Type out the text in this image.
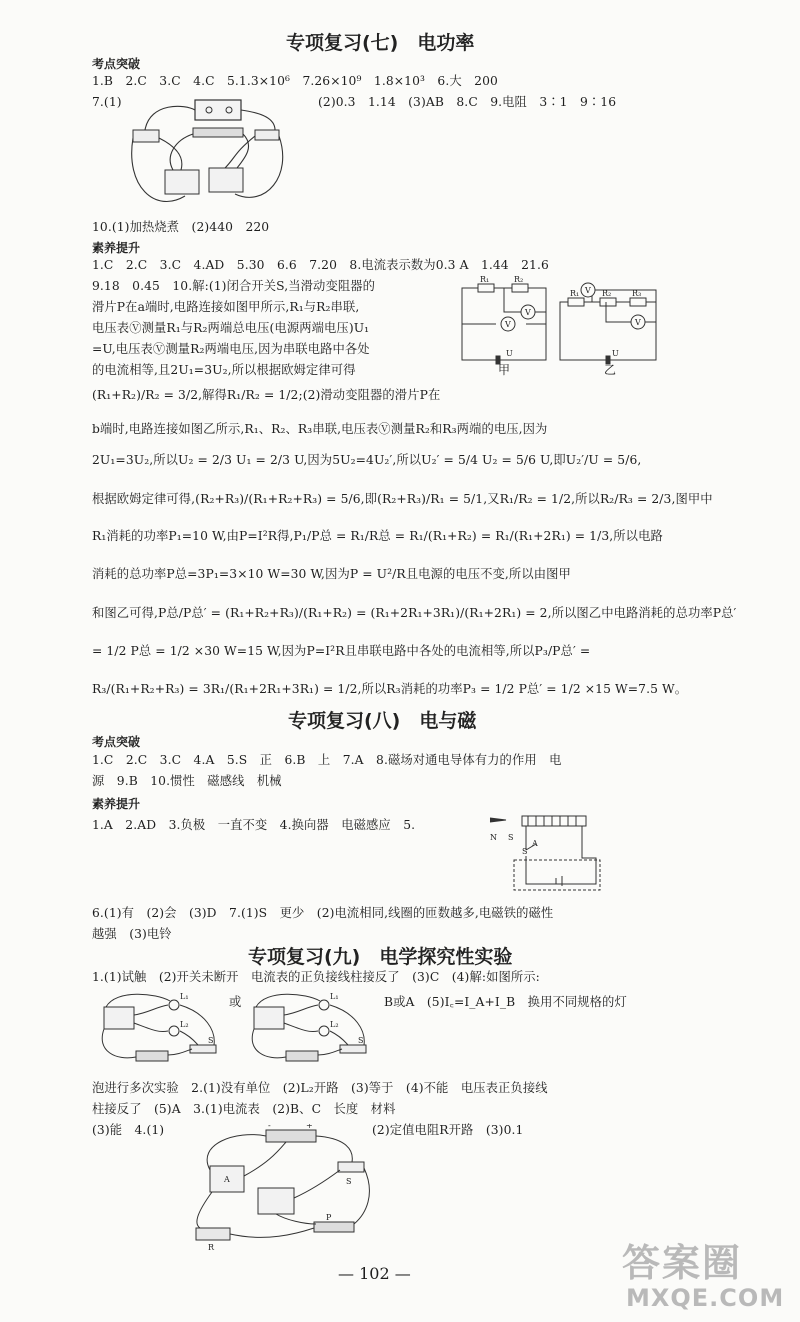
专项复习(七)　电功率
考点突破
1.B　2.C　3.C　4.C　5.1.3×10⁶　7.26×10⁹　1.8×10³　6.大　200
7.(1)	(2)0.3　1.14　(3)AB　8.C　9.电阻　3∶1　9∶16
10.(1)加热烧煮　(2)440　220
素养提升
1.C　2.C　3.C　4.AD　5.30　6.6　7.20　8.电流表示数为0.3 A　1.44　21.6
9.18　0.45　10.解:(1)闭合开关S,当滑动变阻器的
滑片P在a端时,电路连接如图甲所示,R₁与R₂串联,
电压表Ⓥ测量R₁与R₂两端总电压(电源两端电压)U₁
=U,电压表Ⓥ测量R₂两端电压,因为串联电路中各处
的电流相等,且2U₁=3U₂,所以根据欧姆定律可得
R₁	R₂
V
V
U
R₁	R₂	R₃
V
V
U
甲	乙
(R₁+R₂)/R₂ = 3/2,解得R₁/R₂ = 1/2;(2)滑动变阻器的滑片P在
b端时,电路连接如图乙所示,R₁、R₂、R₃串联,电压表Ⓥ测量R₂和R₃两端的电压,因为
2U₁=3U₂,所以U₂ = 2/3 U₁ = 2/3 U,因为5U₂=4U₂′,所以U₂′ = 5/4 U₂ = 5/6 U,即U₂′/U = 5/6,
根据欧姆定律可得,(R₂+R₃)/(R₁+R₂+R₃) = 5/6,即(R₂+R₃)/R₁ = 5/1,又R₁/R₂ = 1/2,所以R₂/R₃ = 2/3,图甲中
R₁消耗的功率P₁=10 W,由P=I²R得,P₁/P总 = R₁/R总 = R₁/(R₁+R₂) = R₁/(R₁+2R₁) = 1/3,所以电路
消耗的总功率P总=3P₁=3×10 W=30 W,因为P = U²/R且电源的电压不变,所以由图甲
和图乙可得,P总/P总′ = (R₁+R₂+R₃)/(R₁+R₂) = (R₁+2R₁+3R₁)/(R₁+2R₁) = 2,所以图乙中电路消耗的总功率P总′
= 1/2 P总 = 1/2 ×30 W=15 W,因为P=I²R且串联电路中各处的电流相等,所以P₃/P总′ =
R₃/(R₁+R₂+R₃) = 3R₁/(R₁+2R₁+3R₁) = 1/2,所以R₃消耗的功率P₃ = 1/2 P总′ = 1/2 ×15 W=7.5 W。
专项复习(八)　电与磁
考点突破
1.C　2.C　3.C　4.A　5.S　正　6.B　上　7.A　8.磁场对通电导体有力的作用　电
源　9.B　10.惯性　磁感线　机械
素养提升
1.A　2.AD　3.负极　一直不变　4.换向器　电磁感应　5.
N S
S
A
6.(1)有　(2)会　(3)D　7.(1)S　更少　(2)电流相同,线圈的匝数越多,电磁铁的磁性
越强　(3)电铃
专项复习(九)　电学探究性实验
1.(1)试触　(2)开关未断开　电流表的正负接线柱接反了　(3)C　(4)解:如图所示:
L₁
L₂
S
或	L₁
L₂
S
B或A　(5)I꜀=I_A+I_B　换用不同规格的灯
泡进行多次实验　2.(1)没有单位　(2)L₂开路　(3)等于　(4)不能　电压表正负接线
柱接反了　(5)A　3.(1)电流表　(2)B、C　长度　材料
(3)能　4.(1)	(2)定值电阻R开路　(3)0.1
-	+
S
P
R
A
— 102 —	答案圈
MXQE.COM
